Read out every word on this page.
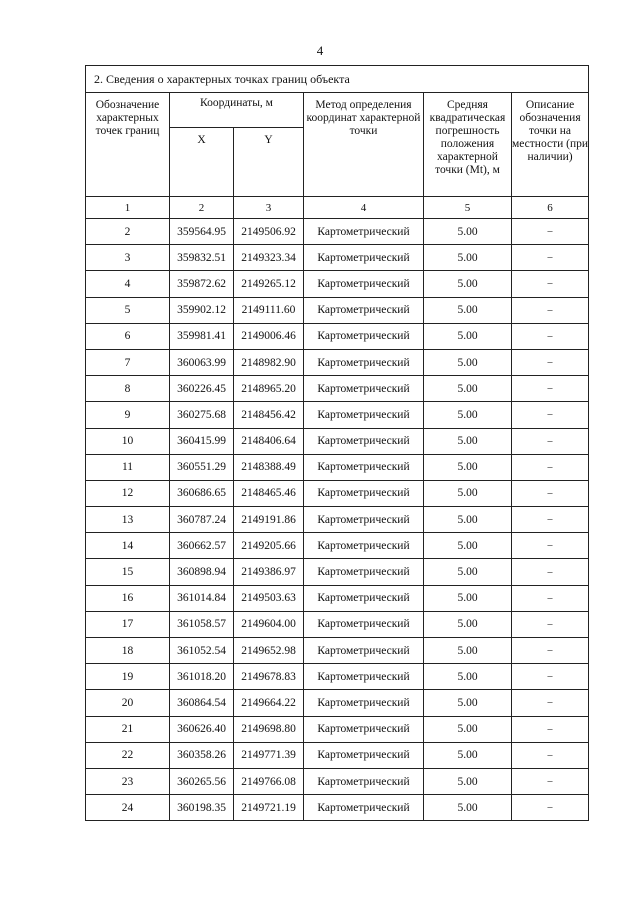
4
2. Сведения о характерных точках границ объекта					
Обозначение характерных точек границ	Координаты, м		Метод определения координат характерной точки	Средняя квадратическая погрешность положения характерной точки (Mt), м	Описание обозначения точки на местности (при наличии)
	X	Y			
1	2	3	4	5	6
2	359564.95	2149506.92	Картометрический	5.00	–
3	359832.51	2149323.34	Картометрический	5.00	–
4	359872.62	2149265.12	Картометрический	5.00	–
5	359902.12	2149111.60	Картометрический	5.00	–
6	359981.41	2149006.46	Картометрический	5.00	–
7	360063.99	2148982.90	Картометрический	5.00	–
8	360226.45	2148965.20	Картометрический	5.00	–
9	360275.68	2148456.42	Картометрический	5.00	–
10	360415.99	2148406.64	Картометрический	5.00	–
11	360551.29	2148388.49	Картометрический	5.00	–
12	360686.65	2148465.46	Картометрический	5.00	–
13	360787.24	2149191.86	Картометрический	5.00	–
14	360662.57	2149205.66	Картометрический	5.00	–
15	360898.94	2149386.97	Картометрический	5.00	–
16	361014.84	2149503.63	Картометрический	5.00	–
17	361058.57	2149604.00	Картометрический	5.00	–
18	361052.54	2149652.98	Картометрический	5.00	–
19	361018.20	2149678.83	Картометрический	5.00	–
20	360864.54	2149664.22	Картометрический	5.00	–
21	360626.40	2149698.80	Картометрический	5.00	–
22	360358.26	2149771.39	Картометрический	5.00	–
23	360265.56	2149766.08	Картометрический	5.00	–
24	360198.35	2149721.19	Картометрический	5.00	–
